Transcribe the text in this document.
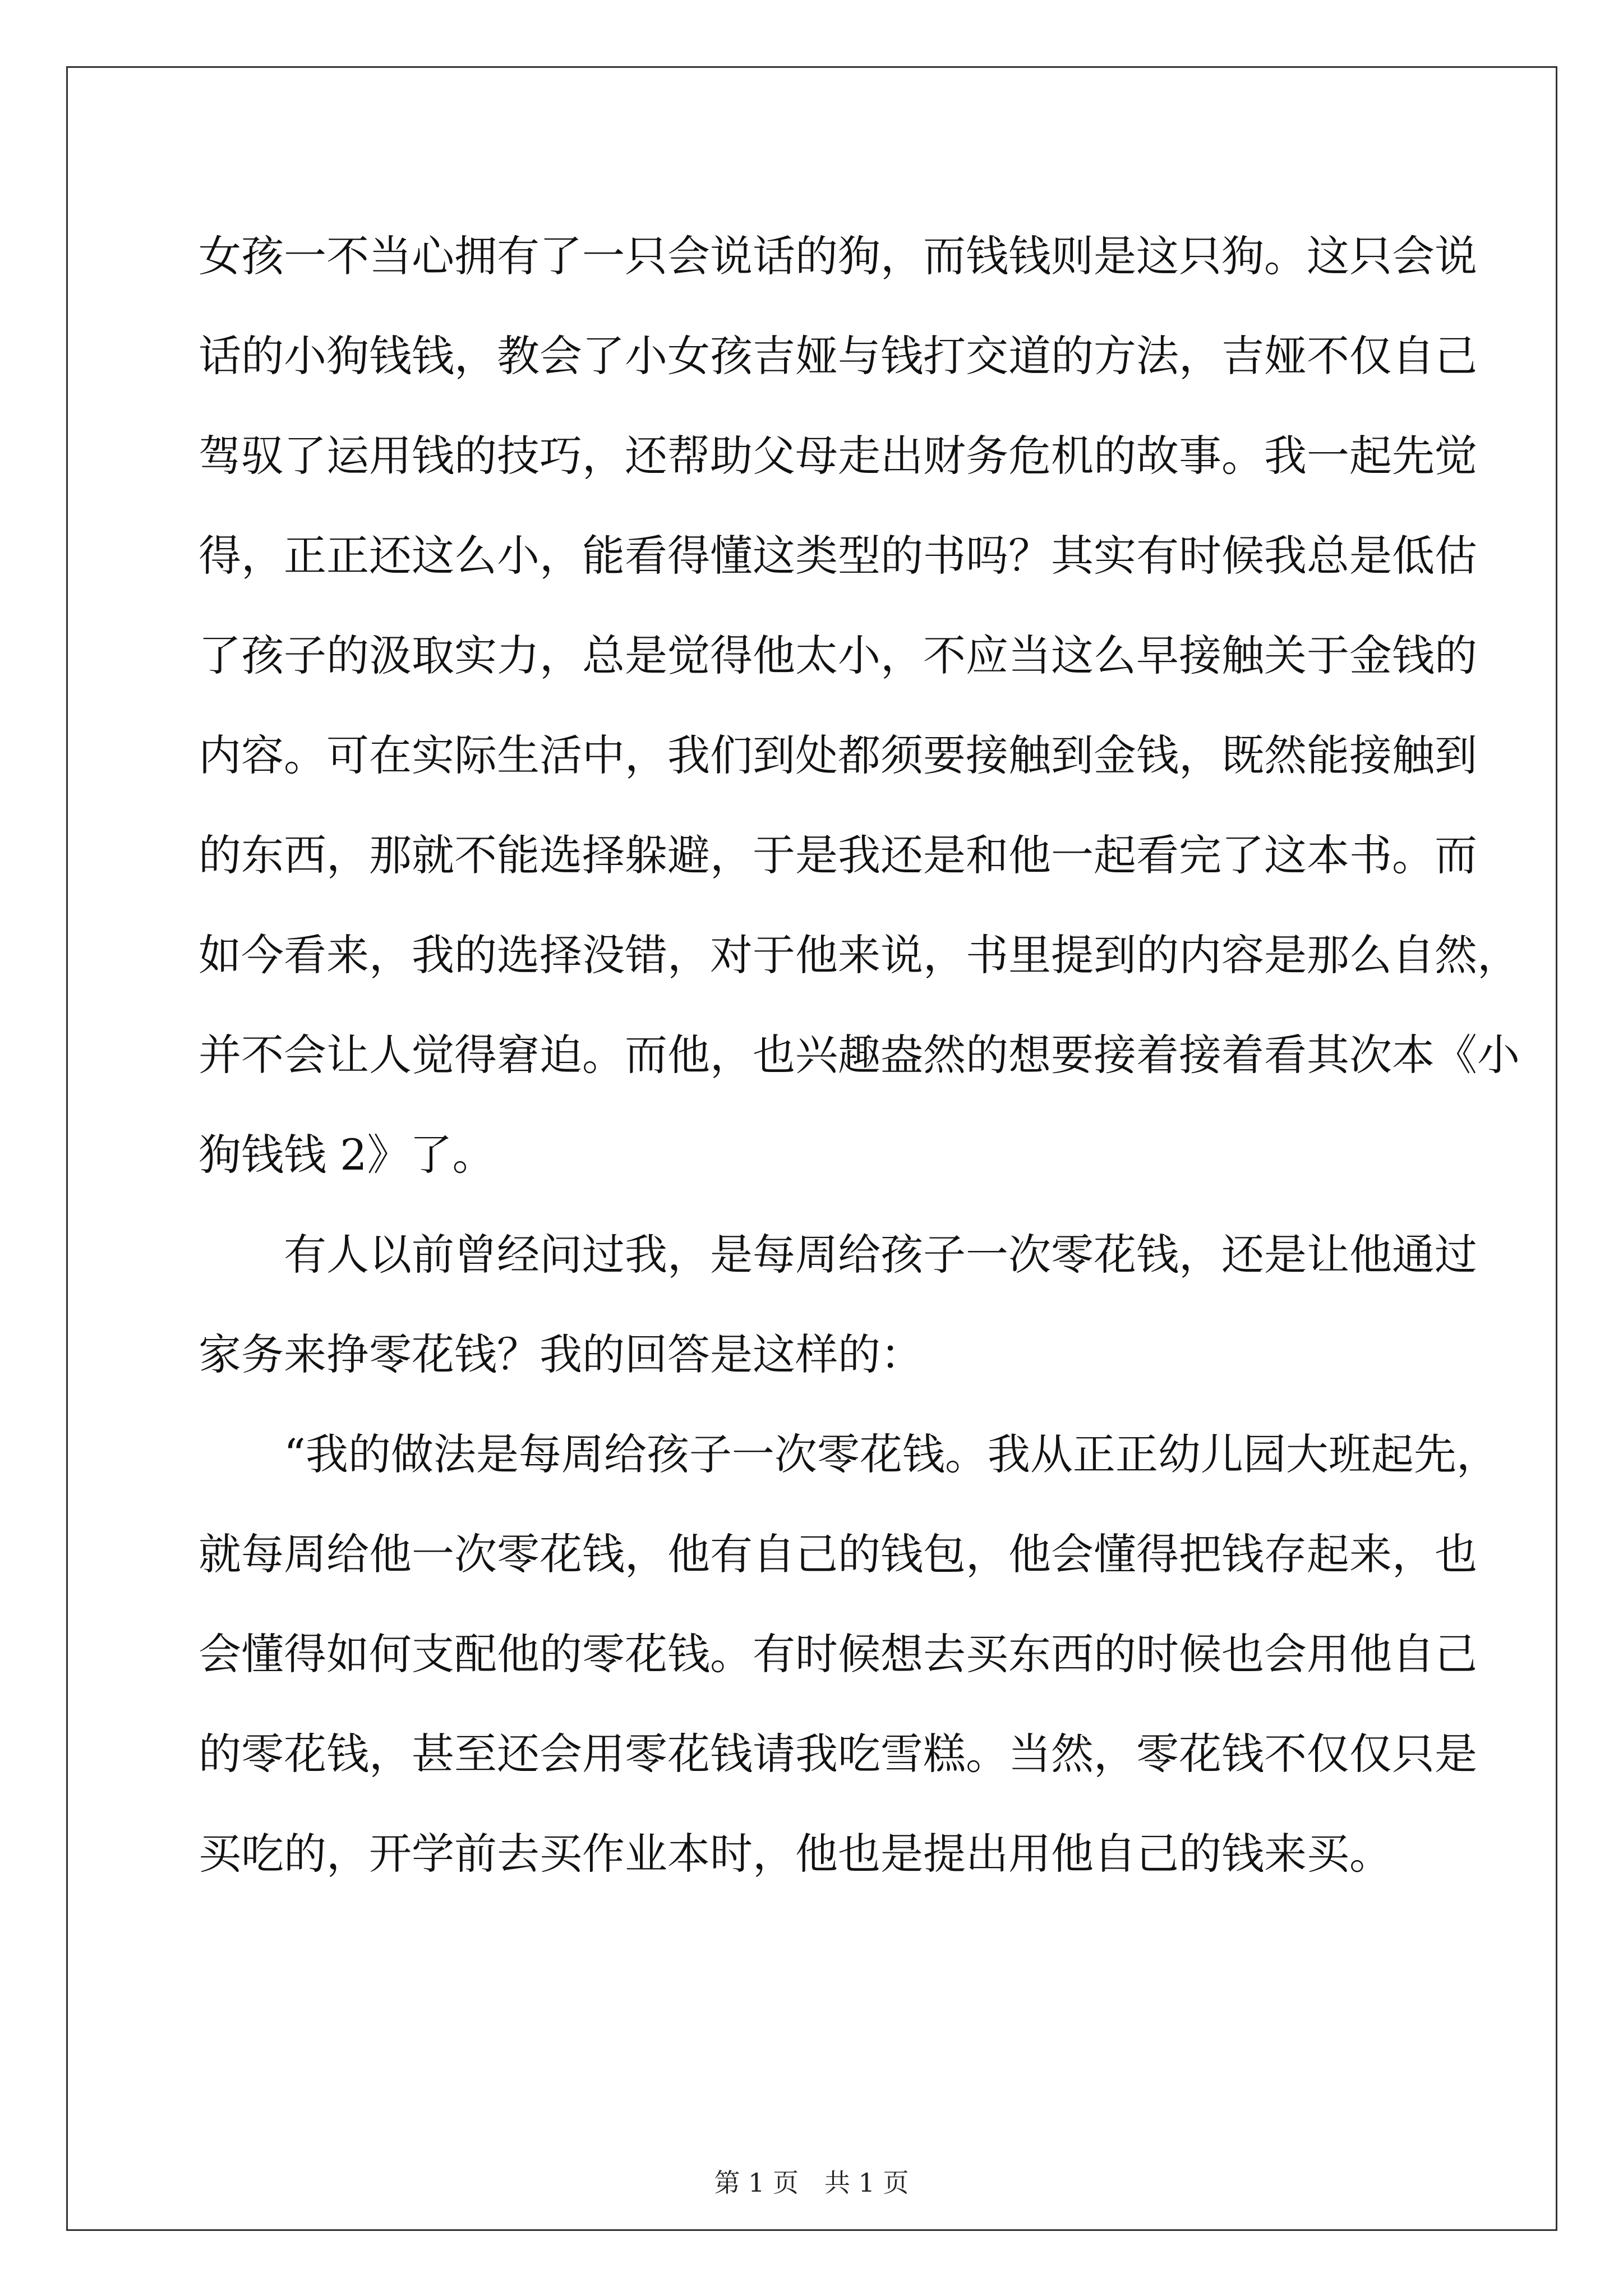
女孩一不当心拥有了一只会说话的狗，而钱钱则是这只狗。这只会说

话的小狗钱钱，教会了小女孩吉娅与钱打交道的方法，吉娅不仅自己

驾驭了运用钱的技巧，还帮助父母走出财务危机的故事。我一起先觉

得，正正还这么小，能看得懂这类型的书吗？其实有时候我总是低估

了孩子的汲取实力，总是觉得他太小，不应当这么早接触关于金钱的

内容。可在实际生活中，我们到处都须要接触到金钱，既然能接触到

的东西，那就不能选择躲避，于是我还是和他一起看完了这本书。而

如今看来，我的选择没错，对于他来说，书里提到的内容是那么自然，

并不会让人觉得窘迫。而他，也兴趣盎然的想要接着接着看其次本《小

狗钱钱 2》了。

　　有人以前曾经问过我，是每周给孩子一次零花钱，还是让他通过

家务来挣零花钱？我的回答是这样的：

　　“我的做法是每周给孩子一次零花钱。我从正正幼儿园大班起先，

就每周给他一次零花钱，他有自己的钱包，他会懂得把钱存起来，也

会懂得如何支配他的零花钱。有时候想去买东西的时候也会用他自己

的零花钱，甚至还会用零花钱请我吃雪糕。当然，零花钱不仅仅只是

买吃的，开学前去买作业本时，他也是提出用他自己的钱来买。

第 1 页　共 1 页
